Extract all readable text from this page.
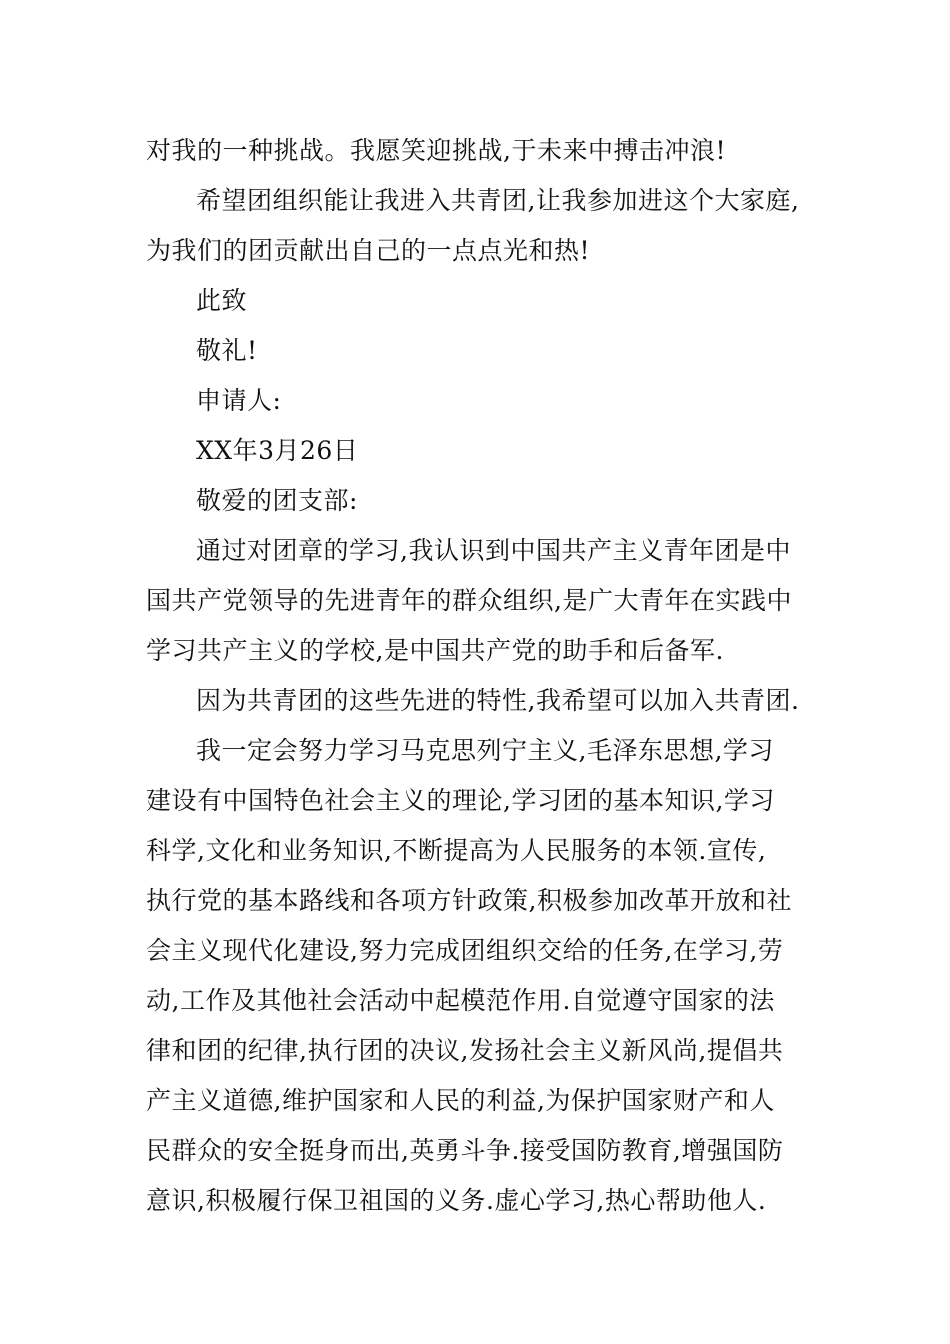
对我的一种挑战。我愿笑迎挑战,于未来中搏击冲浪!
希望团组织能让我进入共青团,让我参加进这个大家庭,
为我们的团贡献出自己的一点点光和热!
此致
敬礼!
申请人:
XX年3月26日
敬爱的团支部:
通过对团章的学习,我认识到中国共产主义青年团是中
国共产党领导的先进青年的群众组织,是广大青年在实践中
学习共产主义的学校,是中国共产党的助手和后备军.
因为共青团的这些先进的特性,我希望可以加入共青团.
我一定会努力学习马克思列宁主义,毛泽东思想,学习
建设有中国特色社会主义的理论,学习团的基本知识,学习
科学,文化和业务知识,不断提高为人民服务的本领.宣传,
执行党的基本路线和各项方针政策,积极参加改革开放和社
会主义现代化建设,努力完成团组织交给的任务,在学习,劳
动,工作及其他社会活动中起模范作用.自觉遵守国家的法
律和团的纪律,执行团的决议,发扬社会主义新风尚,提倡共
产主义道德,维护国家和人民的利益,为保护国家财产和人
民群众的安全挺身而出,英勇斗争.接受国防教育,增强国防
意识,积极履行保卫祖国的义务.虚心学习,热心帮助他人.
